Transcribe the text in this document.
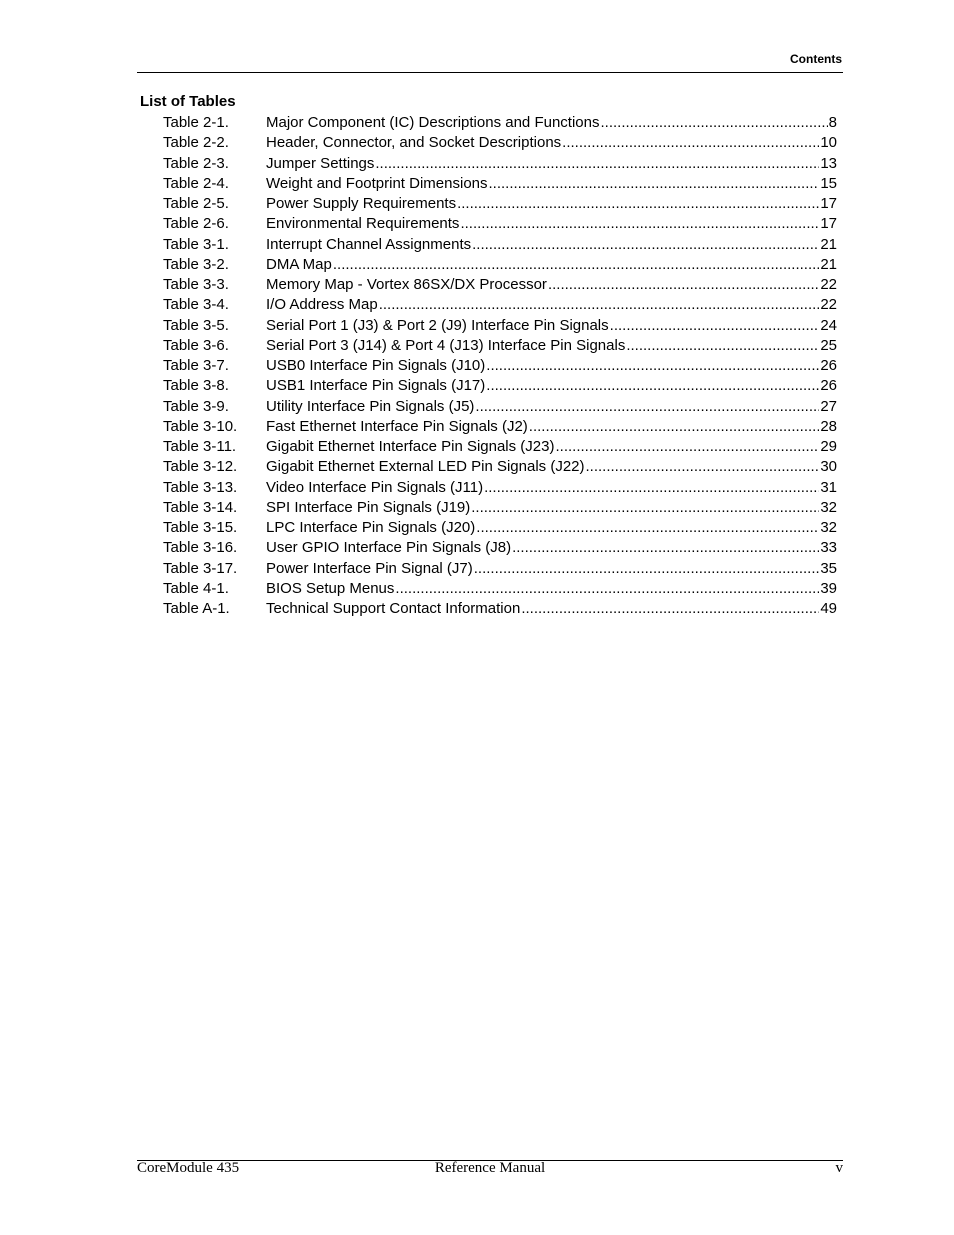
Contents
List of Tables
Table 2-1.	Major Component (IC) Descriptions and Functions .....	8
Table 2-2.	Header, Connector, and Socket Descriptions .....	10
Table 2-3.	Jumper Settings .....	13
Table 2-4.	Weight and Footprint Dimensions .....	15
Table 2-5.	Power Supply Requirements .....	17
Table 2-6.	Environmental Requirements .....	17
Table 3-1.	Interrupt Channel Assignments .....	21
Table 3-2.	DMA Map .....	21
Table 3-3.	Memory Map - Vortex 86SX/DX Processor .....	22
Table 3-4.	I/O Address Map .....	22
Table 3-5.	Serial Port 1 (J3) & Port 2 (J9) Interface Pin Signals .....	24
Table 3-6.	Serial Port 3 (J14) & Port 4 (J13) Interface Pin Signals .....	25
Table 3-7.	USB0 Interface Pin Signals (J10) .....	26
Table 3-8.	USB1 Interface Pin Signals (J17) .....	26
Table 3-9.	Utility Interface Pin Signals (J5) .....	27
Table 3-10.	Fast Ethernet Interface Pin Signals (J2) .....	28
Table 3-11.	Gigabit Ethernet Interface Pin Signals (J23) .....	29
Table 3-12.	Gigabit Ethernet External LED Pin Signals (J22) .....	30
Table 3-13.	Video Interface Pin Signals (J11) .....	31
Table 3-14.	SPI Interface Pin Signals (J19) .....	32
Table 3-15.	LPC Interface Pin Signals (J20) .....	32
Table 3-16.	User GPIO Interface Pin Signals (J8) .....	33
Table 3-17.	Power Interface Pin Signal (J7) .....	35
Table 4-1.	BIOS Setup Menus .....	39
Table A-1.	Technical Support Contact Information .....	49
CoreModule 435	Reference Manual	v
